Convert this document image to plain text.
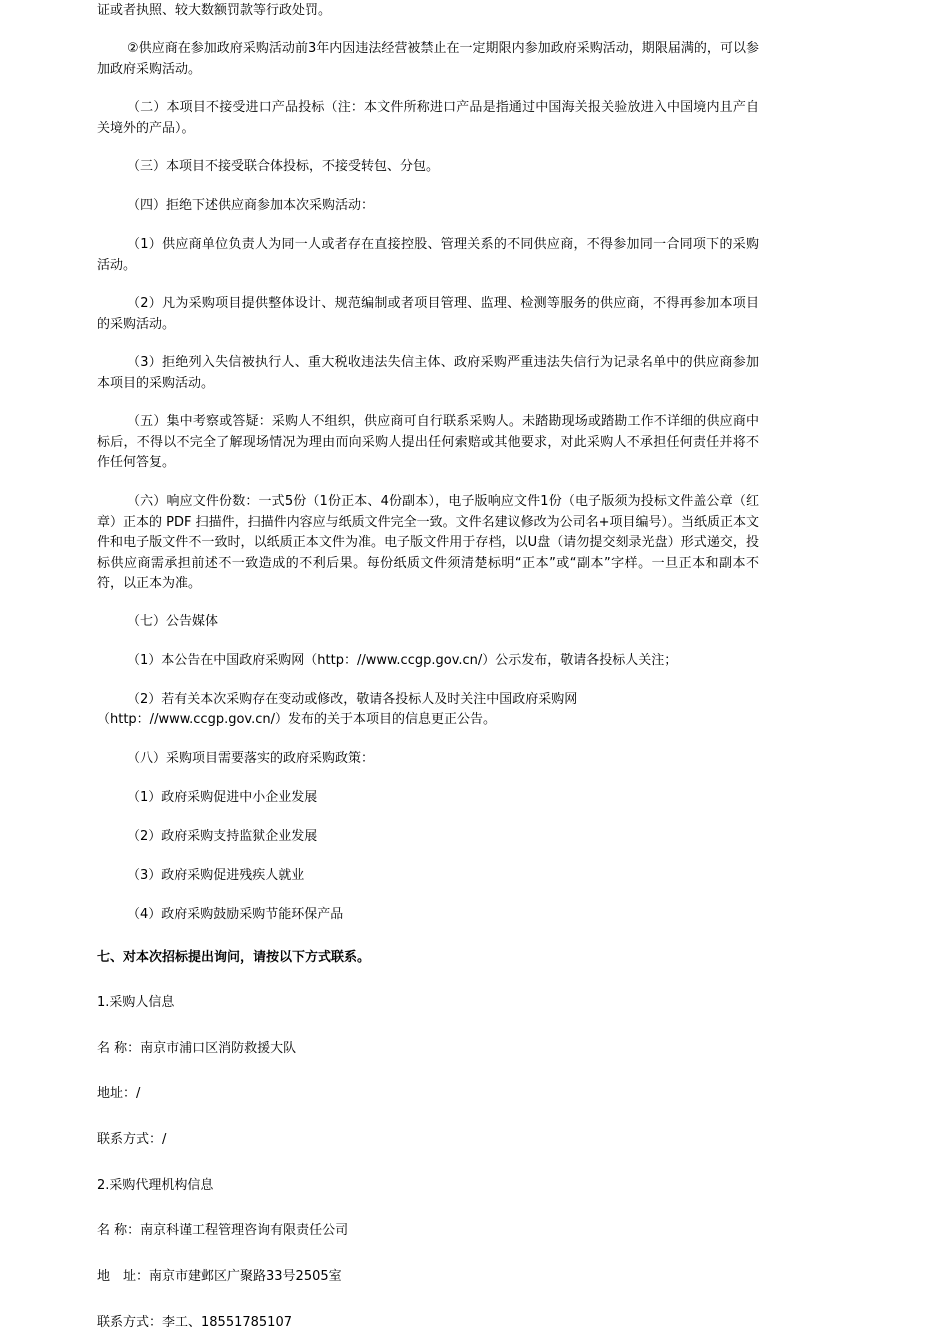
证或者执照、较大数额罚款等行政处罚。
②供应商在参加政府采购活动前3年内因违法经营被禁止在一定期限内参加政府采购活动，期限届满的，可以参加政府采购活动。
（二）本项目不接受进口产品投标（注：本文件所称进口产品是指通过中国海关报关验放进入中国境内且产自关境外的产品）。
（三）本项目不接受联合体投标，不接受转包、分包。
（四）拒绝下述供应商参加本次采购活动：
（1）供应商单位负责人为同一人或者存在直接控股、管理关系的不同供应商，不得参加同一合同项下的采购活动。
（2）凡为采购项目提供整体设计、规范编制或者项目管理、监理、检测等服务的供应商，不得再参加本项目的采购活动。
（3）拒绝列入失信被执行人、重大税收违法失信主体、政府采购严重违法失信行为记录名单中的供应商参加本项目的采购活动。
（五）集中考察或答疑：采购人不组织，供应商可自行联系采购人。未踏勘现场或踏勘工作不详细的供应商中标后，不得以不完全了解现场情况为理由而向采购人提出任何索赔或其他要求，对此采购人不承担任何责任并将不作任何答复。
（六）响应文件份数：一式5份（1份正本、4份副本），电子版响应文件1份（电子版须为投标文件盖公章（红章）正本的 PDF 扫描件，扫描件内容应与纸质文件完全一致。文件名建议修改为公司名+项目编号）。当纸质正本文件和电子版文件不一致时，以纸质正本文件为准。电子版文件用于存档，以U盘（请勿提交刻录光盘）形式递交，投标供应商需承担前述不一致造成的不利后果。每份纸质文件须清楚标明“正本”或“副本”字样。一旦正本和副本不符，以正本为准。
（七）公告媒体
（1）本公告在中国政府采购网（http：//www.ccgp.gov.cn/）公示发布，敬请各投标人关注；
（2）若有关本次采购存在变动或修改，敬请各投标人及时关注中国政府采购网
（http：//www.ccgp.gov.cn/）发布的关于本项目的信息更正公告。
（八）采购项目需要落实的政府采购政策：
（1）政府采购促进中小企业发展
（2）政府采购支持监狱企业发展
（3）政府采购促进残疾人就业
（4）政府采购鼓励采购节能环保产品
七、对本次招标提出询问，请按以下方式联系。
1.采购人信息
名 称：南京市浦口区消防救援大队
地址：/
联系方式：/
2.采购代理机构信息
名 称：南京科谨工程管理咨询有限责任公司
地　址：南京市建邺区广聚路33号2505室
联系方式：李工、18551785107
